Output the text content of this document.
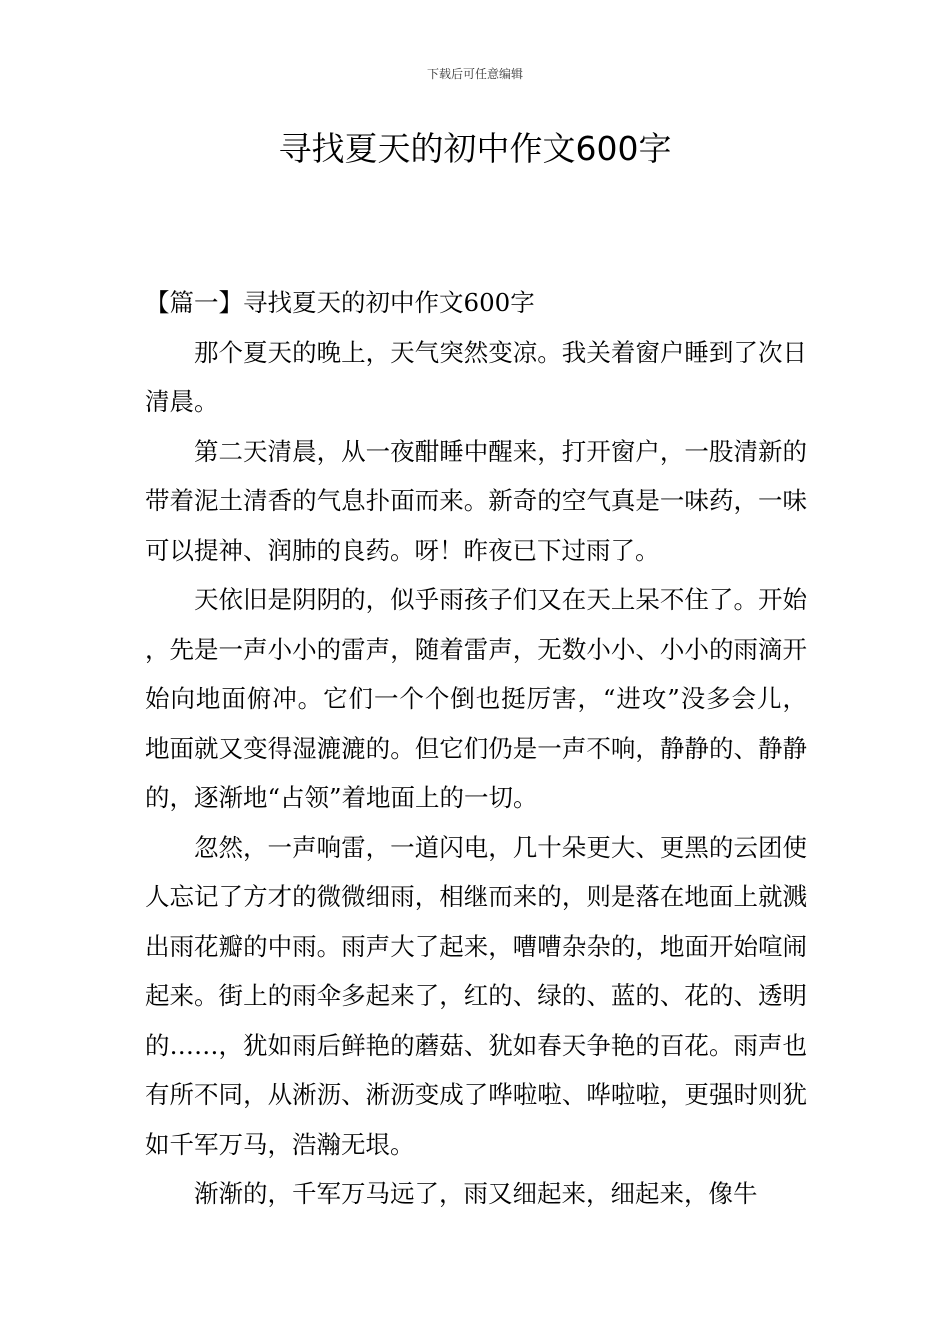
下载后可任意编辑
寻找夏天的初中作文600字

【篇一】寻找夏天的初中作文600字

那个夏天的晚上，天气突然变凉。我关着窗户睡到了次日清晨。

第二天清晨，从一夜酣睡中醒来，打开窗户，一股清新的带着泥土清香的气息扑面而来。新奇的空气真是一味药，一味可以提神、润肺的良药。呀！昨夜已下过雨了。

天依旧是阴阴的，似乎雨孩子们又在天上呆不住了。开始，先是一声小小的雷声，随着雷声，无数小小、小小的雨滴开始向地面俯冲。它们一个个倒也挺厉害，“进攻”没多会儿，地面就又变得湿漉漉的。但它们仍是一声不响，静静的、静静的，逐渐地“占领”着地面上的一切。

忽然，一声响雷，一道闪电，几十朵更大、更黑的云团使人忘记了方才的微微细雨，相继而来的，则是落在地面上就溅出雨花瓣的中雨。雨声大了起来，嘈嘈杂杂的，地面开始喧闹起来。街上的雨伞多起来了，红的、绿的、蓝的、花的、透明的……，犹如雨后鲜艳的蘑菇、犹如春天争艳的百花。雨声也有所不同，从淅沥、淅沥变成了哗啦啦、哗啦啦，更强时则犹如千军万马，浩瀚无垠。

渐渐的，千军万马远了，雨又细起来，细起来，像牛
